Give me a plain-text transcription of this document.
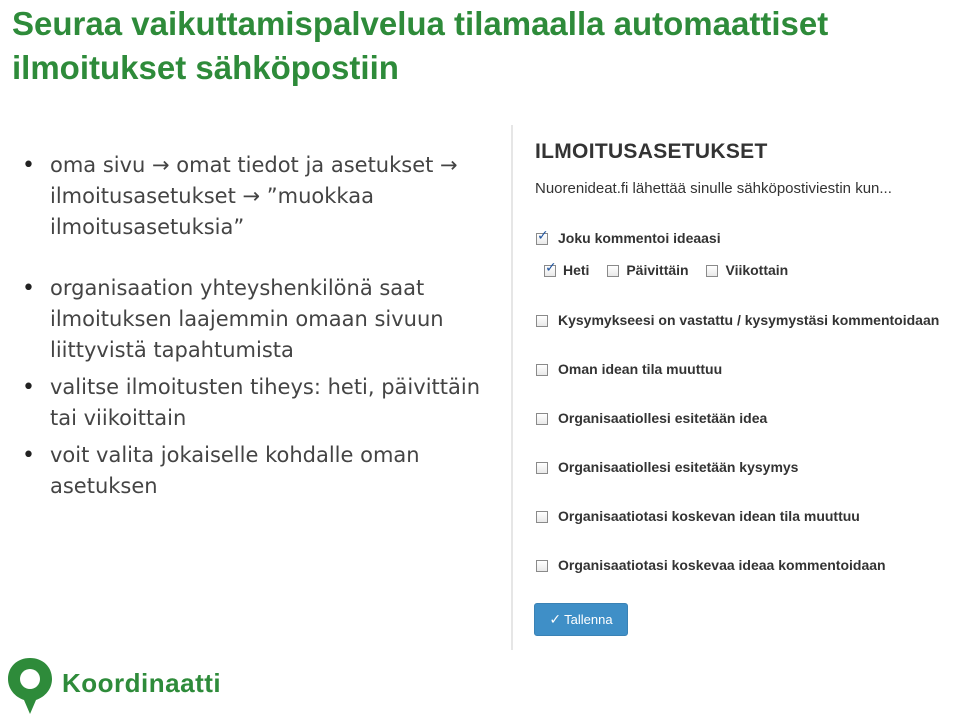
Seuraa vaikuttamispalvelua tilamaalla automaattiset
ilmoitukset sähköpostiin
• oma sivu → omat tiedot ja asetukset → ilmoitusasetukset → ”muokkaa ilmoitusasetuksia”
• organisaation yhteyshenkilönä saat ilmoituksen laajemmin omaan sivuun liittyvistä tapahtumista
• valitse ilmoitusten tiheys: heti, päivittäin tai viikoittain
• voit valita jokaiselle kohdalle oman asetuksen
ILMOITUSASETUKSET
Nuorenideat.fi lähettää sinulle sähköpostiviestin kun...
✓Joku kommentoi ideaasi
✓Heti	Päivittäin	Viikottain
Kysymykseesi on vastattu / kysymystäsi kommentoidaan
Oman idean tila muuttuu
Organisaatiollesi esitetään idea
Organisaatiollesi esitetään kysymys
Organisaatiotasi koskevan idean tila muuttuu
Organisaatiotasi koskevaa ideaa kommentoidaan
✓ Tallenna
Koordinaatti
